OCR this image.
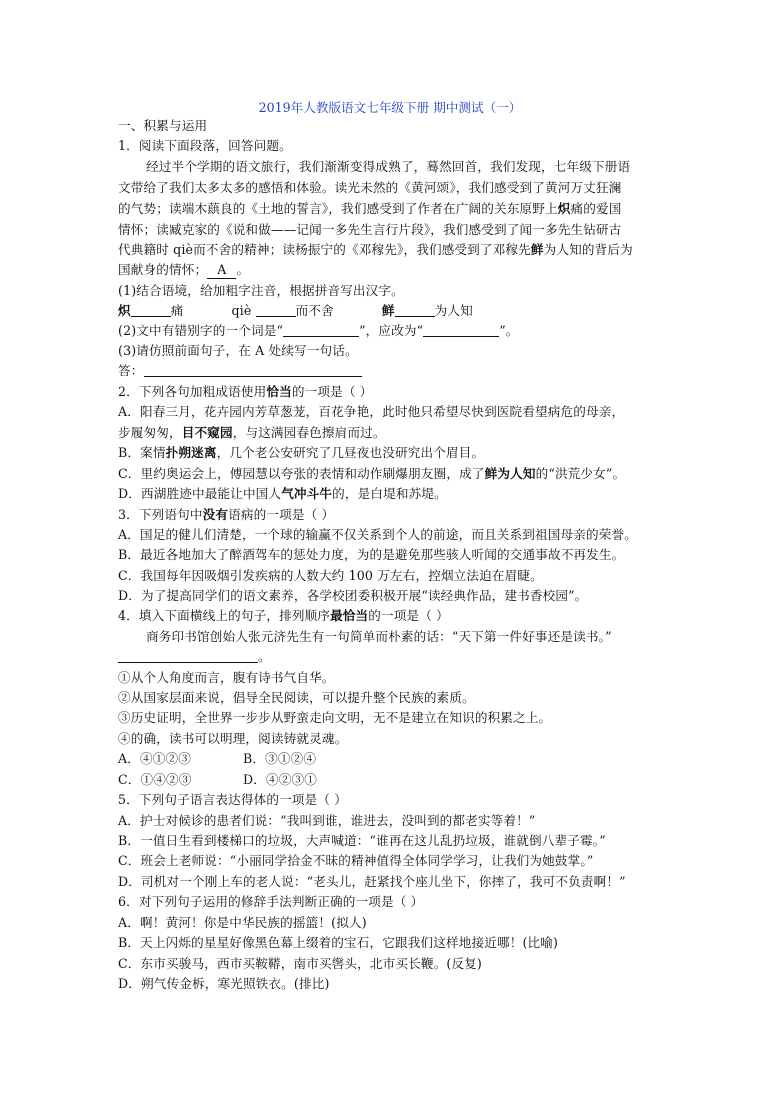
2019年人教版语文七年级下册 期中测试（一）
一、积累与运用
1．阅读下面段落，回答问题。
经过半个学期的语文旅行，我们渐渐变得成熟了，蓦然回首，我们发现，七年级下册语
文带给了我们太多太多的感悟和体验。读光未然的《黄河颂》，我们感受到了黄河万丈狂澜
的气势；读端木蕻良的《土地的誓言》，我们感受到了作者在广阔的关东原野上炽痛的爱国
情怀；读臧克家的《说和做——记闻一多先生言行片段》，我们感受到了闻一多先生钻研古
代典籍时 qiè而不舍的精神；读杨振宁的《邓稼先》，我们感受到了邓稼先鲜为人知的背后为
国献身的情怀； A 。
(1)结合语境，给加粗字注音，根据拼音写出汉字。
炽	痛	qiè	而不舍	鲜	为人知
(2)文中有错别字的一个词是“	”，应改为“	”。
(3)请仿照前面句子，在 A 处续写一句话。
答：
2．下列各句加粗成语使用恰当的一项是（ ）
A．阳春三月，花卉园内芳草葱茏，百花争艳，此时他只希望尽快到医院看望病危的母亲，
步履匆匆，目不窥园，与这满园春色擦肩而过。
B．案情扑朔迷离，几个老公安研究了几昼夜也没研究出个眉目。
C．里约奥运会上，傅园慧以夸张的表情和动作刷爆朋友圈，成了鲜为人知的“洪荒少女”。
D．西湖胜迹中最能让中国人气冲斗牛的，是白堤和苏堤。
3．下列语句中没有语病的一项是（ ）
A．国足的健儿们清楚，一个球的输赢不仅关系到个人的前途，而且关系到祖国母亲的荣誉。
B．最近各地加大了醉酒驾车的惩处力度，为的是避免那些骇人听闻的交通事故不再发生。
C．我国每年因吸烟引发疾病的人数大约 100 万左右，控烟立法迫在眉睫。
D．为了提高同学们的语文素养，各学校团委积极开展“读经典作品，建书香校园”。
4．填入下面横线上的句子，排列顺序最恰当的一项是（ ）
商务印书馆创始人张元济先生有一句简单而朴素的话：“天下第一件好事还是读书。”
。
①从个人角度而言，腹有诗书气自华。
②从国家层面来说，倡导全民阅读，可以提升整个民族的素质。
③历史证明，全世界一步步从野蛮走向文明，无不是建立在知识的积累之上。
④的确，读书可以明理，阅读铸就灵魂。
A．④①②③	B．③①②④
C．①④②③	D．④②③①
5．下列句子语言表达得体的一项是（ ）
A．护士对候诊的患者们说：“我叫到谁，谁进去，没叫到的都老实等着！”
B．一值日生看到楼梯口的垃圾，大声喊道：“谁再在这儿乱扔垃圾，谁就倒八辈子霉。”
C．班会上老师说：“小丽同学拾金不昧的精神值得全体同学学习，让我们为她鼓掌。”
D．司机对一个刚上车的老人说：“老头儿，赶紧找个座儿坐下，你摔了，我可不负责啊！”
6．对下列句子运用的修辞手法判断正确的一项是（ ）
A．啊！黄河！你是中华民族的摇篮！(拟人)
B．天上闪烁的星星好像黑色幕上缀着的宝石，它跟我们这样地接近哪！(比喻)
C．东市买骏马，西市买鞍鞯，南市买辔头，北市买长鞭。(反复)
D．朔气传金柝，寒光照铁衣。(排比)
